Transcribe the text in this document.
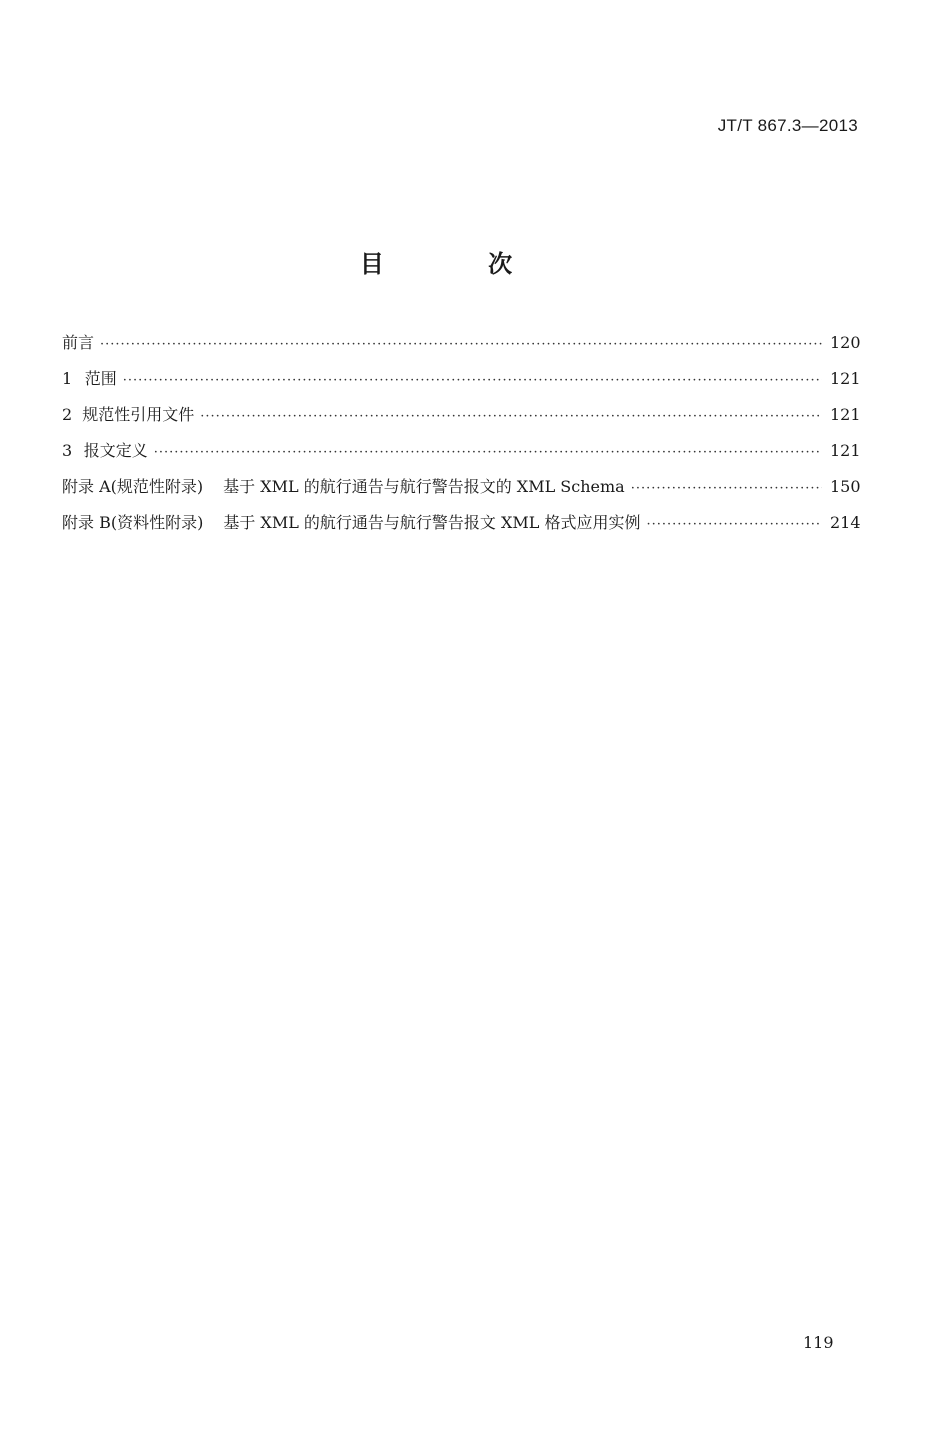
JT/T 867.3—2013
目 次
前言 ·····	120
1 范围 ·····	121
2 规范性引用文件 ·····	121
3 报文定义 ·····	121
附录 A(规范性附录) 基于 XML 的航行通告与航行警告报文的 XML Schema ·····	150
附录 B(资料性附录) 基于 XML 的航行通告与航行警告报文 XML 格式应用实例 ·····	214
119
